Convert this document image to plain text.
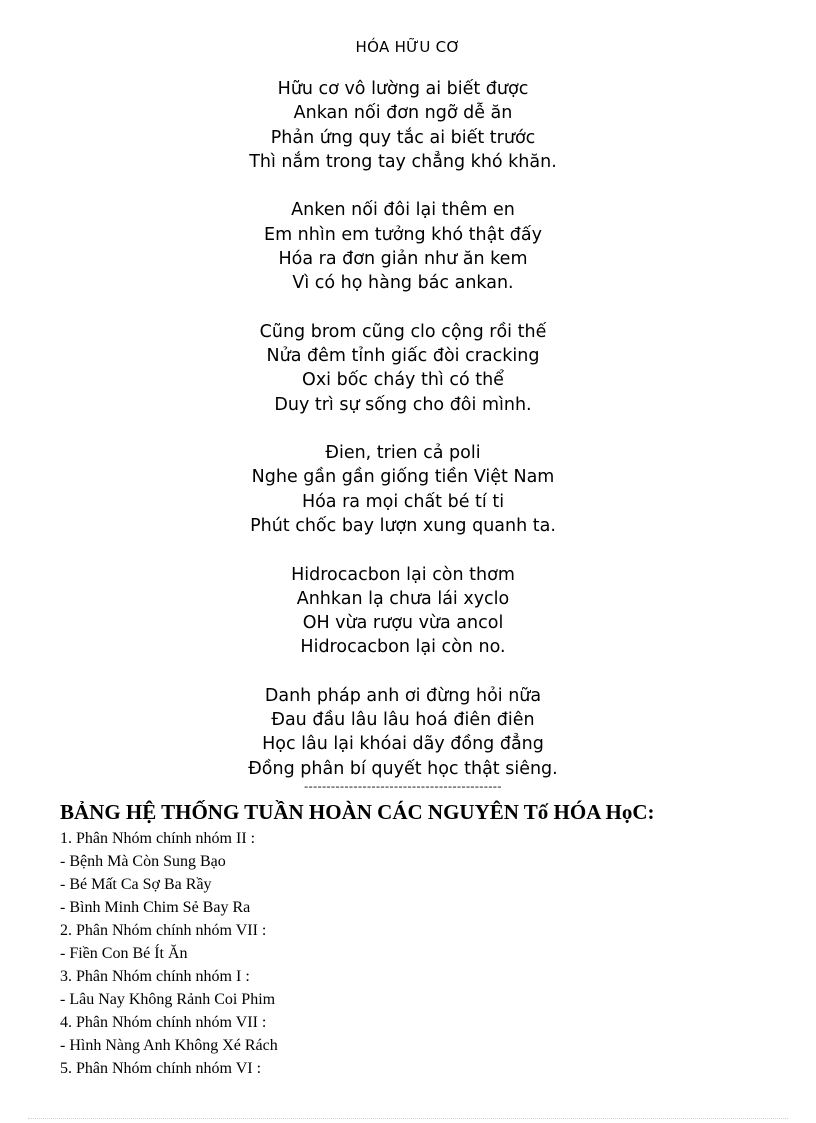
HÓA HỮU CƠ
Hữu cơ vô lường ai biết được
Ankan nối đơn ngỡ dễ ăn
Phản ứng quy tắc ai biết trước
Thì nắm trong tay chẳng khó khăn.
Anken nối đôi lại thêm en
Em nhìn em tưởng khó thật đấy
Hóa ra đơn giản như ăn kem
Vì có họ hàng bác ankan.
Cũng brom cũng clo cộng rồi thế
Nửa đêm tỉnh giấc đòi cracking
Oxi bốc cháy thì có thể
Duy trì sự sống cho đôi mình.
Đien, trien cả poli
Nghe gần gần giống tiền Việt Nam
Hóa ra mọi chất bé tí ti
Phút chốc bay lượn xung quanh ta.
Hidrocacbon lại còn thơm
Anhkan lạ chưa lái xyclo
OH vừa rượu vừa ancol
Hidrocacbon lại còn no.
Danh pháp anh ơi đừng hỏi nữa
Đau đầu lâu lâu hoá điên điên
Học lâu lại khóai dãy đồng đẳng
Đồng phân bí quyết học thật siêng.
--------------------------------------------
BẢNG HỆ THỐNG TUẦN HOÀN CÁC NGUYÊN Tố HÓA HọC:
1. Phân Nhóm chính nhóm II :
- Bệnh Mà Còn Sung Bạo
- Bé Mất Ca Sợ Ba Rầy
- Bình Minh Chim Sẻ Bay Ra
2. Phân Nhóm chính nhóm VII :
- Fiền Con Bé Ít Ăn
3. Phân Nhóm chính nhóm I :
- Lâu Nay Không Rảnh Coi Phim
4. Phân Nhóm chính nhóm VII :
- Hình Nàng Anh Không Xé Rách
5. Phân Nhóm chính nhóm VI :
